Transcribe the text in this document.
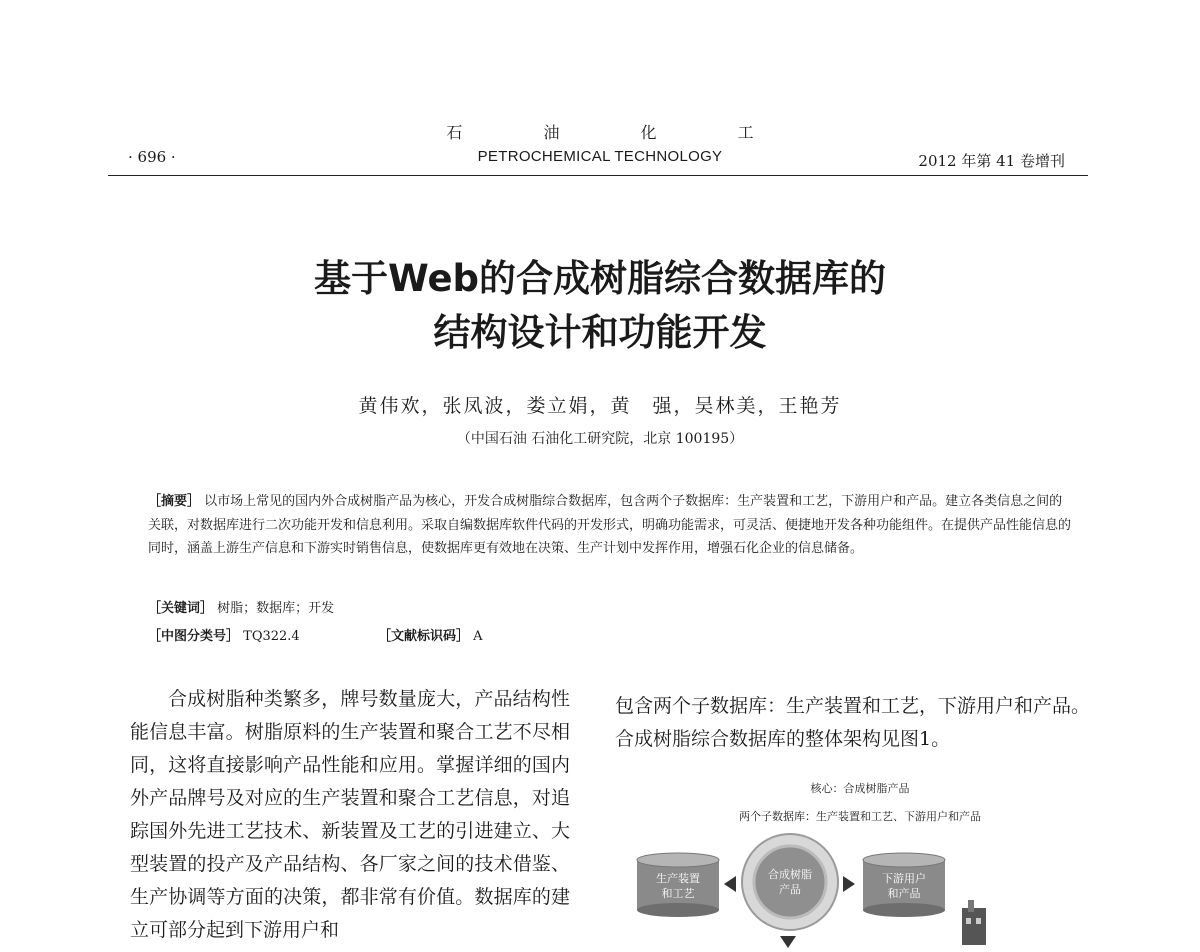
石 油 化 工
· 696 ·	PETROCHEMICAL TECHNOLOGY	2012 年第 41 卷增刊
基于Web的合成树脂综合数据库的
结构设计和功能开发
黄伟欢，张凤波，娄立娟，黄　强，吴林美，王艳芳
（中国石油 石油化工研究院，北京 100195）
［摘要］ 以市场上常见的国内外合成树脂产品为核心，开发合成树脂综合数据库，包含两个子数据库：生产装置和工艺，下游用户和产品。建立各类信息之间的关联，对数据库进行二次功能开发和信息利用。采取自编数据库软件代码的开发形式，明确功能需求，可灵活、便捷地开发各种功能组件。在提供产品性能信息的同时，涵盖上游生产信息和下游实时销售信息，使数据库更有效地在决策、生产计划中发挥作用，增强石化企业的信息储备。
［关键词］ 树脂；数据库；开发
［中图分类号］ TQ322.4	［文献标识码］ A

合成树脂种类繁多，牌号数量庞大，产品结构性能信息丰富。树脂原料的生产装置和聚合工艺不尽相同，这将直接影响产品性能和应用。掌握详细的国内外产品牌号及对应的生产装置和聚合工艺信息，对追踪国外先进工艺技术、新装置及工艺的引进建立、大型装置的投产及产品结构、各厂家之间的技术借鉴、生产协调等方面的决策，都非常有价值。数据库的建立可部分起到下游用户和

包含两个子数据库：生产装置和工艺，下游用户和产品。合成树脂综合数据库的整体架构见图1。

核心：合成树脂产品
两个子数据库：生产装置和工艺、下游用户和产品
生产装置
和工艺
合成树脂
产品
下游用户
和产品
